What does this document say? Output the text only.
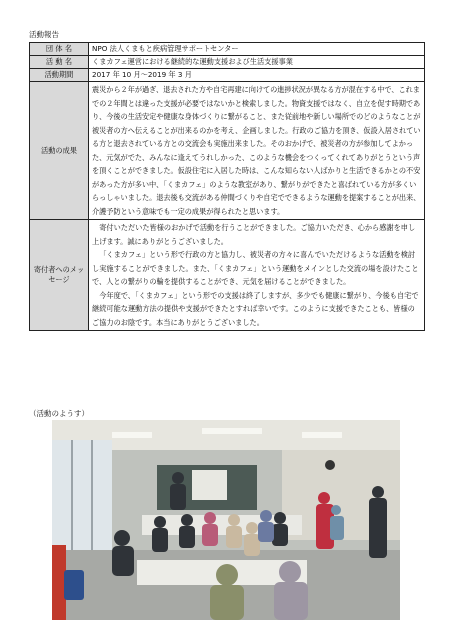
活動報告
団 体 名	NPO 法人くまもと疾病管理サポートセンター
活 動 名	くまカフェ運営における継続的な運動支援および生活支援事業
活動期間	2017 年 10 月〜2019 年 3 月
活動の成果	震災から２年が過ぎ、退去された方や自宅再建に向けての進捗状況が異なる方が混在する中で、これまでの２年間とは違った支援が必要ではないかと検索しました。物資支援ではなく、自立を促す時期であり、今後の生活安定や健康な身体づくりに繋がること、また従前地や新しい場所でのどのようなことが被災者の方へ伝えることが出来るのかを考え、企画しました。行政のご協力を頂き、仮設入居されている方と退去されている方との交流会も実施出来ました。そのおかげで、被災者の方が参加してよかった、元気がでた、みんなに逢えてうれしかった、このような機会をつくってくれてありがとうという声を頂くことができました。仮設住宅に入居した時は、こんな知らない人ばかりと生活できるかとの不安があった方が多い中、「くまカフェ」のような教室があり、繋がりができたと喜ばれている方が多くいらっしゃいました。退去後も交流がある仲間づくりや自宅でできるような運動を提案することが出来、介護予防という意味でも一定の成果が得られたと思います。
寄付者へのメッセージ	寄付いただいた皆様のおかげで活動を行うことができました。ご協力いただき、心から感謝を申し上げます。誠にありがとうございました。

「くまカフェ」という形で行政の方と協力し、被災者の方々に喜んでいただけるような活動を検討し実施することができました。また、「くまカフェ」という運動をメインとした交流の場を設けたことで、人との繋がりの輪を提供することができ、元気を届けることができました。

今年度で、「くまカフェ」という形での支援は終了しますが、多少でも健康に繋がり、今後も自宅で継続可能な運動方法の提供や支援ができたとすれば幸いです。このように支援できたことも、皆様のご協力のお陰です。本当にありがとうございました。

（活動のようす）
